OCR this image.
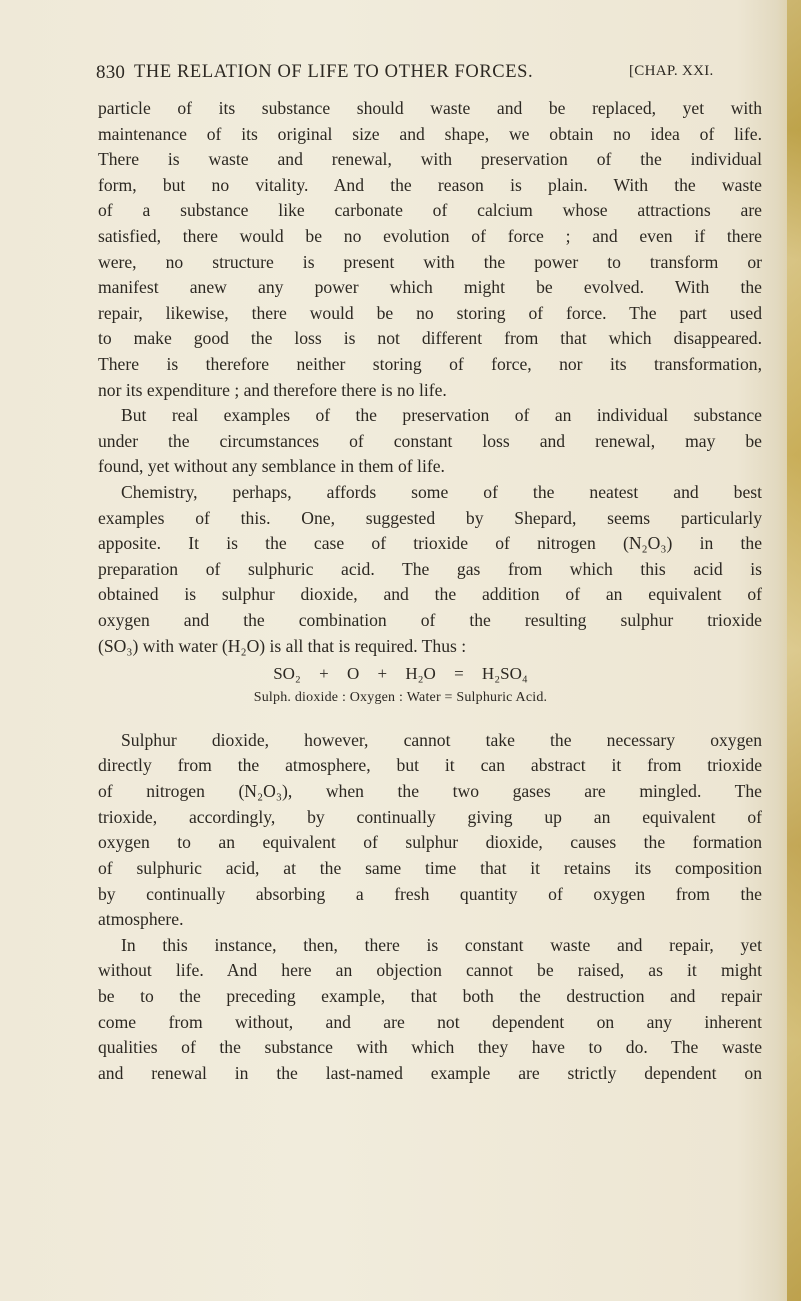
830 THE RELATION OF LIFE TO OTHER FORCES.	[CHAP. XXI.
particle of its substance should waste and be replaced, yet with
maintenance of its original size and shape, we obtain no idea of life.
There is waste and renewal, with preservation of the individual
form, but no vitality. And the reason is plain. With the waste
of a substance like carbonate of calcium whose attractions are
satisfied, there would be no evolution of force ; and even if there
were, no structure is present with the power to transform or
manifest anew any power which might be evolved. With the
repair, likewise, there would be no storing of force. The part used
to make good the loss is not different from that which disappeared.
There is therefore neither storing of force, nor its transformation,
nor its expenditure ; and therefore there is no life.
But real examples of the preservation of an individual substance
under the circumstances of constant loss and renewal, may be
found, yet without any semblance in them of life.
Chemistry, perhaps, affords some of the neatest and best
examples of this. One, suggested by Shepard, seems particularly
apposite. It is the case of trioxide of nitrogen (N₂O₃) in the
preparation of sulphuric acid. The gas from which this acid is
obtained is sulphur dioxide, and the addition of an equivalent of
oxygen and the combination of the resulting sulphur trioxide
(SO₃) with water (H₂O) is all that is required. Thus :
SO₂ + O + H₂O = H₂SO₄
Sulph. dioxide : Oxygen : Water = Sulphuric Acid.
Sulphur dioxide, however, cannot take the necessary oxygen
directly from the atmosphere, but it can abstract it from trioxide
of nitrogen (N₂O₃), when the two gases are mingled. The
trioxide, accordingly, by continually giving up an equivalent of
oxygen to an equivalent of sulphur dioxide, causes the formation
of sulphuric acid, at the same time that it retains its composition
by continually absorbing a fresh quantity of oxygen from the
atmosphere.
In this instance, then, there is constant waste and repair, yet
without life. And here an objection cannot be raised, as it might
be to the preceding example, that both the destruction and repair
come from without, and are not dependent on any inherent
qualities of the substance with which they have to do. The waste
and renewal in the last-named example are strictly dependent on
